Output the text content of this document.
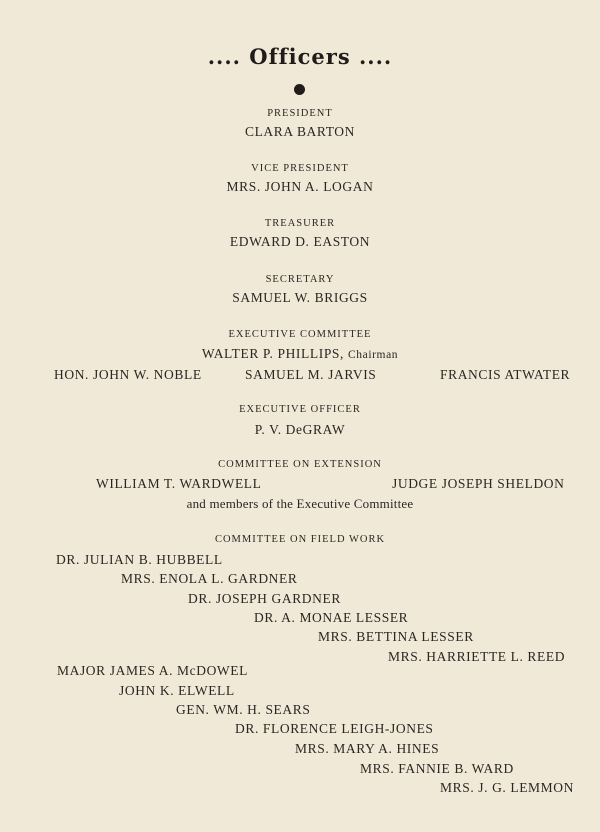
.... Officers ....
PRESIDENT
CLARA BARTON
VICE PRESIDENT
MRS. JOHN A. LOGAN
TREASURER
EDWARD D. EASTON
SECRETARY
SAMUEL W. BRIGGS
EXECUTIVE COMMITTEE
WALTER P. PHILLIPS, Chairman
HON. JOHN W. NOBLE	SAMUEL M. JARVIS	FRANCIS ATWATER
EXECUTIVE OFFICER
P. V. DeGRAW
COMMITTEE ON EXTENSION
WILLIAM T. WARDWELL	JUDGE JOSEPH SHELDON
and members of the Executive Committee
COMMITTEE ON FIELD WORK
DR. JULIAN B. HUBBELL
MRS. ENOLA L. GARDNER
DR. JOSEPH GARDNER
DR. A. MONAE LESSER
MRS. BETTINA LESSER
MRS. HARRIETTE L. REED
MAJOR JAMES A. McDOWEL
JOHN K. ELWELL
GEN. WM. H. SEARS
DR. FLORENCE LEIGH-JONES
MRS. MARY A. HINES
MRS. FANNIE B. WARD
MRS. J. G. LEMMON
